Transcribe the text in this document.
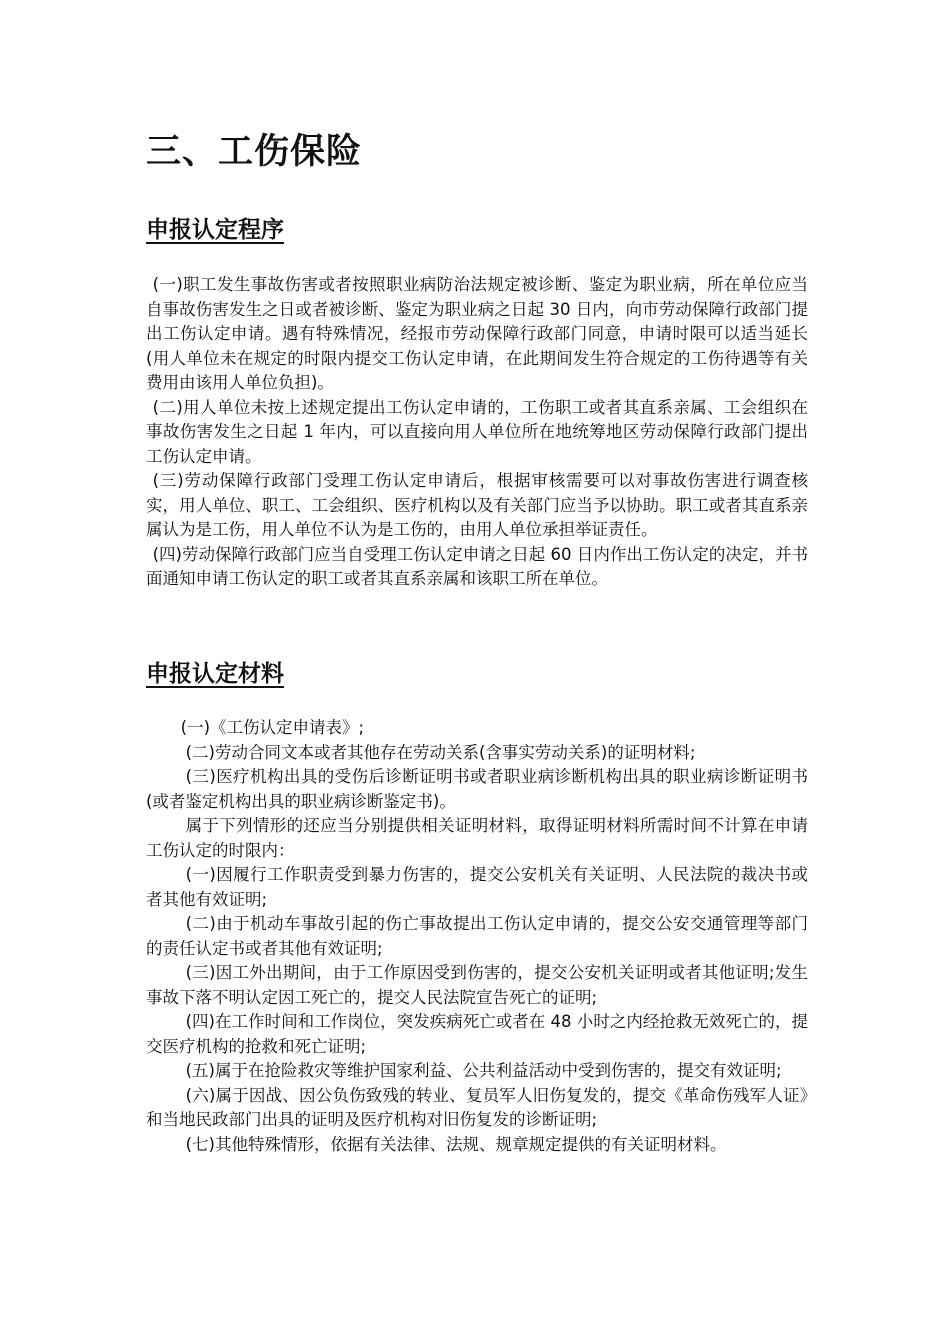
三、工伤保险
申报认定程序

(一)职工发生事故伤害或者按照职业病防治法规定被诊断、鉴定为职业病，所在单位应当自事故伤害发生之日或者被诊断、鉴定为职业病之日起 30 日内，向市劳动保障行政部门提出工伤认定申请。遇有特殊情况，经报市劳动保障行政部门同意，申请时限可以适当延长(用人单位未在规定的时限内提交工伤认定申请，在此期间发生符合规定的工伤待遇等有关费用由该用人单位负担)。

(二)用人单位未按上述规定提出工伤认定申请的，工伤职工或者其直系亲属、工会组织在事故伤害发生之日起 1 年内，可以直接向用人单位所在地统筹地区劳动保障行政部门提出工伤认定申请。

(三)劳动保障行政部门受理工伤认定申请后，根据审核需要可以对事故伤害进行调查核实，用人单位、职工、工会组织、医疗机构以及有关部门应当予以协助。职工或者其直系亲属认为是工伤，用人单位不认为是工伤的，由用人单位承担举证责任。

(四)劳动保障行政部门应当自受理工伤认定申请之日起 60 日内作出工伤认定的决定，并书面通知申请工伤认定的职工或者其直系亲属和该职工所在单位。

申报认定材料

(一)《工伤认定申请表》;

(二)劳动合同文本或者其他存在劳动关系(含事实劳动关系)的证明材料;

(三)医疗机构出具的受伤后诊断证明书或者职业病诊断机构出具的职业病诊断证明书(或者鉴定机构出具的职业病诊断鉴定书)。

属于下列情形的还应当分别提供相关证明材料，取得证明材料所需时间不计算在申请工伤认定的时限内：

(一)因履行工作职责受到暴力伤害的，提交公安机关有关证明、人民法院的裁决书或者其他有效证明;

(二)由于机动车事故引起的伤亡事故提出工伤认定申请的，提交公安交通管理等部门的责任认定书或者其他有效证明;

(三)因工外出期间，由于工作原因受到伤害的，提交公安机关证明或者其他证明;发生事故下落不明认定因工死亡的，提交人民法院宣告死亡的证明;

(四)在工作时间和工作岗位，突发疾病死亡或者在 48 小时之内经抢救无效死亡的，提交医疗机构的抢救和死亡证明;

(五)属于在抢险救灾等维护国家利益、公共利益活动中受到伤害的，提交有效证明;

(六)属于因战、因公负伤致残的转业、复员军人旧伤复发的，提交《革命伤残军人证》和当地民政部门出具的证明及医疗机构对旧伤复发的诊断证明;

(七)其他特殊情形，依据有关法律、法规、规章规定提供的有关证明材料。
